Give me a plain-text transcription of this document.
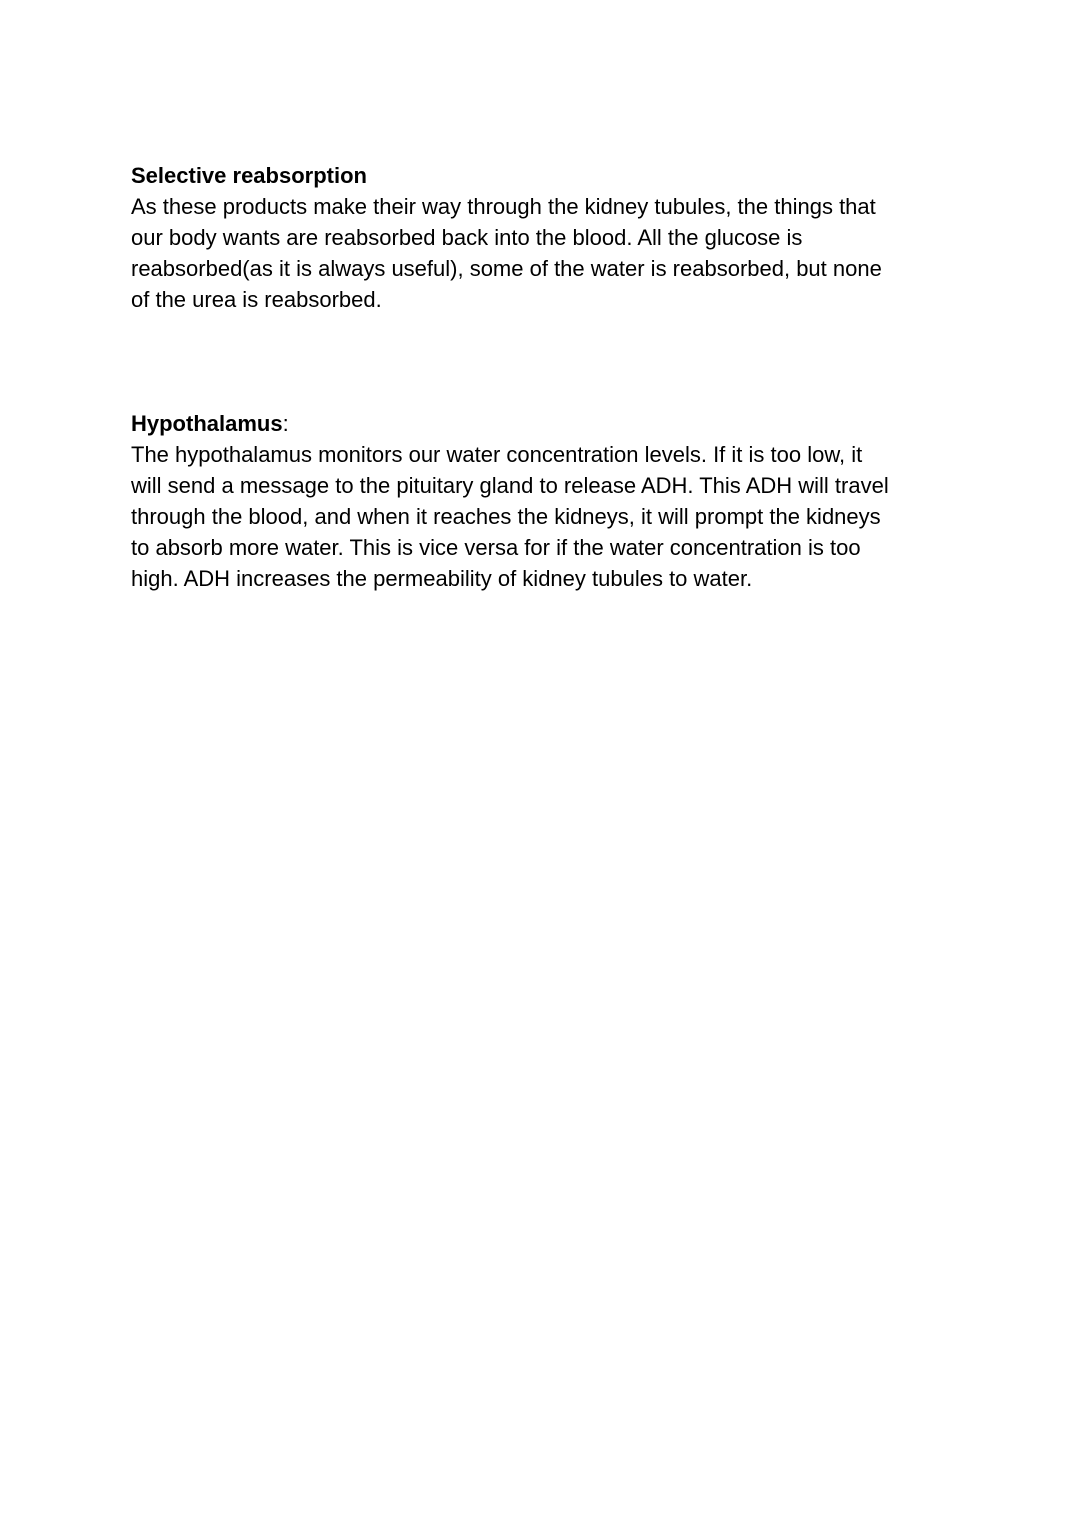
Selective reabsorption

As these products make their way through the kidney tubules, the things that
our body wants are reabsorbed back into the blood. All the glucose is
reabsorbed(as it is always useful), some of the water is reabsorbed, but none
of the urea is reabsorbed.

Hypothalamus:

The hypothalamus monitors our water concentration levels. If it is too low, it
will send a message to the pituitary gland to release ADH. This ADH will travel
through the blood, and when it reaches the kidneys, it will prompt the kidneys
to absorb more water. This is vice versa for if the water concentration is too
high. ADH increases the permeability of kidney tubules to water.
